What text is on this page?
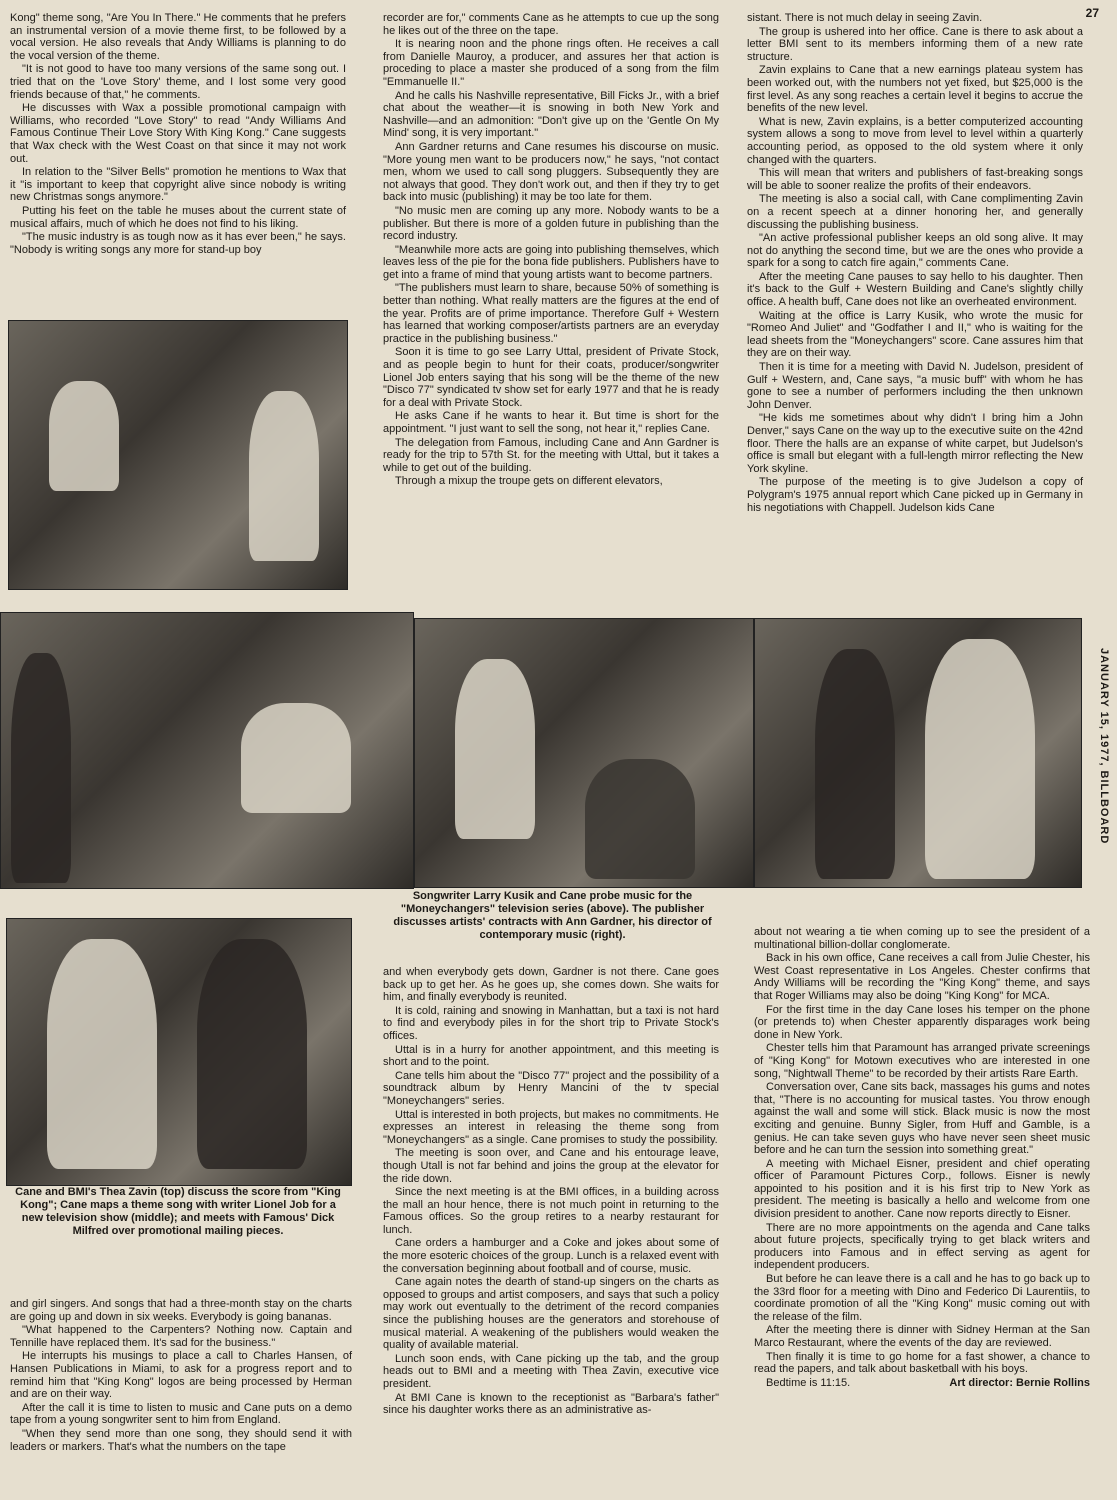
27
JANUARY 15, 1977, BILLBOARD

Kong" theme song, "Are You In There." He comments that he prefers an instrumental version of a movie theme first, to be followed by a vocal version. He also reveals that Andy Williams is planning to do the vocal version of the theme.

"It is not good to have too many versions of the same song out. I tried that on the 'Love Story' theme, and I lost some very good friends because of that," he comments.

He discusses with Wax a possible promotional campaign with Williams, who recorded "Love Story" to read "Andy Williams And Famous Continue Their Love Story With King Kong." Cane suggests that Wax check with the West Coast on that since it may not work out.

In relation to the "Silver Bells" promotion he mentions to Wax that it "is important to keep that copyright alive since nobody is writing new Christmas songs anymore."

Putting his feet on the table he muses about the current state of musical affairs, much of which he does not find to his liking.

"The music industry is as tough now as it has ever been," he says. "Nobody is writing songs any more for stand-up boy

recorder are for," comments Cane as he attempts to cue up the song he likes out of the three on the tape.

It is nearing noon and the phone rings often. He receives a call from Danielle Mauroy, a producer, and assures her that action is proceding to place a master she produced of a song from the film "Emmanuelle II."

And he calls his Nashville representative, Bill Ficks Jr., with a brief chat about the weather—it is snowing in both New York and Nashville—and an admonition: "Don't give up on the 'Gentle On My Mind' song, it is very important."

Ann Gardner returns and Cane resumes his discourse on music. "More young men want to be producers now," he says, "not contact men, whom we used to call song pluggers. Subsequently they are not always that good. They don't work out, and then if they try to get back into music (publishing) it may be too late for them.

"No music men are coming up any more. Nobody wants to be a publisher. But there is more of a golden future in publishing than the record industry.

"Meanwhile more acts are going into publishing themselves, which leaves less of the pie for the bona fide publishers. Publishers have to get into a frame of mind that young artists want to become partners.

"The publishers must learn to share, because 50% of something is better than nothing. What really matters are the figures at the end of the year. Profits are of prime importance. Therefore Gulf + Western has learned that working composer/artists partners are an everyday practice in the publishing business."

Soon it is time to go see Larry Uttal, president of Private Stock, and as people begin to hunt for their coats, producer/songwriter Lionel Job enters saying that his song will be the theme of the new "Disco 77" syndicated tv show set for early 1977 and that he is ready for a deal with Private Stock.

He asks Cane if he wants to hear it. But time is short for the appointment. "I just want to sell the song, not hear it," replies Cane.

The delegation from Famous, including Cane and Ann Gardner is ready for the trip to 57th St. for the meeting with Uttal, but it takes a while to get out of the building.

Through a mixup the troupe gets on different elevators,

sistant. There is not much delay in seeing Zavin.

The group is ushered into her office. Cane is there to ask about a letter BMI sent to its members informing them of a new rate structure.

Zavin explains to Cane that a new earnings plateau system has been worked out, with the numbers not yet fixed, but $25,000 is the first level. As any song reaches a certain level it begins to accrue the benefits of the new level.

What is new, Zavin explains, is a better computerized accounting system allows a song to move from level to level within a quarterly accounting period, as opposed to the old system where it only changed with the quarters.

This will mean that writers and publishers of fast-breaking songs will be able to sooner realize the profits of their endeavors.

The meeting is also a social call, with Cane complimenting Zavin on a recent speech at a dinner honoring her, and generally discussing the publishing business.

"An active professional publisher keeps an old song alive. It may not do anything the second time, but we are the ones who provide a spark for a song to catch fire again," comments Cane.

After the meeting Cane pauses to say hello to his daughter. Then it's back to the Gulf + Western Building and Cane's slightly chilly office. A health buff, Cane does not like an overheated environment.

Waiting at the office is Larry Kusik, who wrote the music for "Romeo And Juliet" and "Godfather I and II," who is waiting for the lead sheets from the "Moneychangers" score. Cane assures him that they are on their way.

Then it is time for a meeting with David N. Judelson, president of Gulf + Western, and, Cane says, "a music buff" with whom he has gone to see a number of performers including the then unknown John Denver.

"He kids me sometimes about why didn't I bring him a John Denver," says Cane on the way up to the executive suite on the 42nd floor. There the halls are an expanse of white carpet, but Judelson's office is small but elegant with a full-length mirror reflecting the New York skyline.

The purpose of the meeting is to give Judelson a copy of Polygram's 1975 annual report which Cane picked up in Germany in his negotiations with Chappell. Judelson kids Cane

Songwriter Larry Kusik and Cane probe music for the "Moneychangers" television series (above). The publisher discusses artists' contracts with Ann Gardner, his director of contemporary music (right).
Cane and BMI's Thea Zavin (top) discuss the score from "King Kong"; Cane maps a theme song with writer Lionel Job for a new television show (middle); and meets with Famous' Dick Milfred over promotional mailing pieces.

and girl singers. And songs that had a three-month stay on the charts are going up and down in six weeks. Everybody is going bananas.

"What happened to the Carpenters? Nothing now. Captain and Tennille have replaced them. It's sad for the business."

He interrupts his musings to place a call to Charles Hansen, of Hansen Publications in Miami, to ask for a progress report and to remind him that "King Kong" logos are being processed by Herman and are on their way.

After the call it is time to listen to music and Cane puts on a demo tape from a young songwriter sent to him from England.

"When they send more than one song, they should send it with leaders or markers. That's what the numbers on the tape

and when everybody gets down, Gardner is not there. Cane goes back up to get her. As he goes up, she comes down. She waits for him, and finally everybody is reunited.

It is cold, raining and snowing in Manhattan, but a taxi is not hard to find and everybody piles in for the short trip to Private Stock's offices.

Uttal is in a hurry for another appointment, and this meeting is short and to the point.

Cane tells him about the "Disco 77" project and the possibility of a soundtrack album by Henry Mancini of the tv special "Moneychangers" series.

Uttal is interested in both projects, but makes no commitments. He expresses an interest in releasing the theme song from "Moneychangers" as a single. Cane promises to study the possibility.

The meeting is soon over, and Cane and his entourage leave, though Utall is not far behind and joins the group at the elevator for the ride down.

Since the next meeting is at the BMI offices, in a building across the mall an hour hence, there is not much point in returning to the Famous offices. So the group retires to a nearby restaurant for lunch.

Cane orders a hamburger and a Coke and jokes about some of the more esoteric choices of the group. Lunch is a relaxed event with the conversation beginning about football and of course, music.

Cane again notes the dearth of stand-up singers on the charts as opposed to groups and artist composers, and says that such a policy may work out eventually to the detriment of the record companies since the publishing houses are the generators and storehouse of musical material. A weakening of the publishers would weaken the quality of available material.

Lunch soon ends, with Cane picking up the tab, and the group heads out to BMI and a meeting with Thea Zavin, executive vice president.

At BMI Cane is known to the receptionist as "Barbara's father" since his daughter works there as an administrative as-

about not wearing a tie when coming up to see the president of a multinational billion-dollar conglomerate.

Back in his own office, Cane receives a call from Julie Chester, his West Coast representative in Los Angeles. Chester confirms that Andy Williams will be recording the "King Kong" theme, and says that Roger Williams may also be doing "King Kong" for MCA.

For the first time in the day Cane loses his temper on the phone (or pretends to) when Chester apparently disparages work being done in New York.

Chester tells him that Paramount has arranged private screenings of "King Kong" for Motown executives who are interested in one song, "Nightwall Theme" to be recorded by their artists Rare Earth.

Conversation over, Cane sits back, massages his gums and notes that, "There is no accounting for musical tastes. You throw enough against the wall and some will stick. Black music is now the most exciting and genuine. Bunny Sigler, from Huff and Gamble, is a genius. He can take seven guys who have never seen sheet music before and he can turn the session into something great."

A meeting with Michael Eisner, president and chief operating officer of Paramount Pictures Corp., follows. Eisner is newly appointed to his position and it is his first trip to New York as president. The meeting is basically a hello and welcome from one division president to another. Cane now reports directly to Eisner.

There are no more appointments on the agenda and Cane talks about future projects, specifically trying to get black writers and producers into Famous and in effect serving as agent for independent producers.

But before he can leave there is a call and he has to go back up to the 33rd floor for a meeting with Dino and Federico Di Laurentiis, to coordinate promotion of all the "King Kong" music coming out with the release of the film.

After the meeting there is dinner with Sidney Herman at the San Marco Restaurant, where the events of the day are reviewed.

Then finally it is time to go home for a fast shower, a chance to read the papers, and talk about basketball with his boys.

Bedtime is 11:15.	Art director: Bernie Rollins
